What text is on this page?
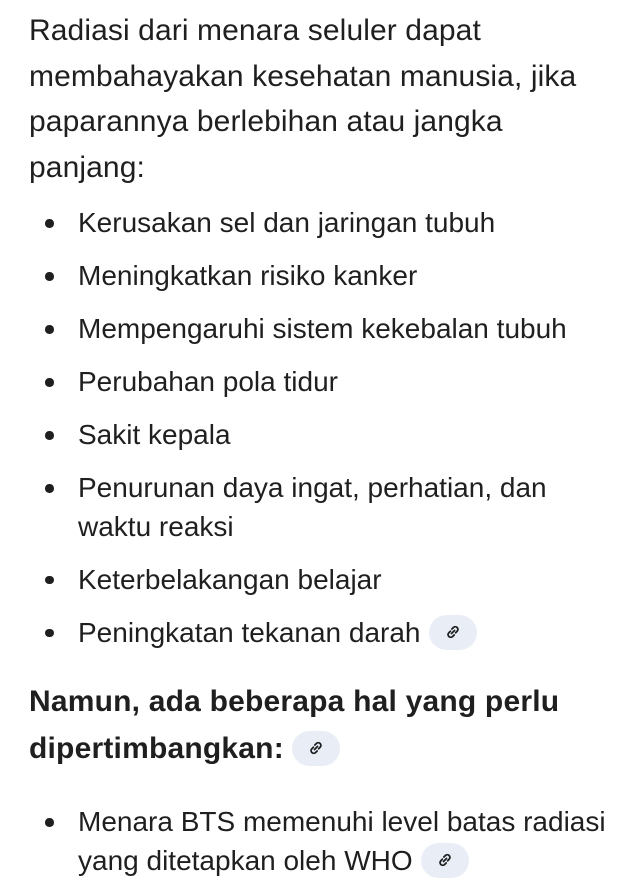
Radiasi dari menara seluler dapat membahayakan kesehatan manusia, jika paparannya berlebihan atau jangka panjang:

Kerusakan sel dan jaringan tubuh
Meningkatkan risiko kanker
Mempengaruhi sistem kekebalan tubuh
Perubahan pola tidur
Sakit kepala
Penurunan daya ingat, perhatian, dan waktu reaksi
Keterbelakangan belajar
Peningkatan tekanan darah
Namun, ada beberapa hal yang perlu dipertimbangkan:
Menara BTS memenuhi level batas radiasi yang ditetapkan oleh WHO
